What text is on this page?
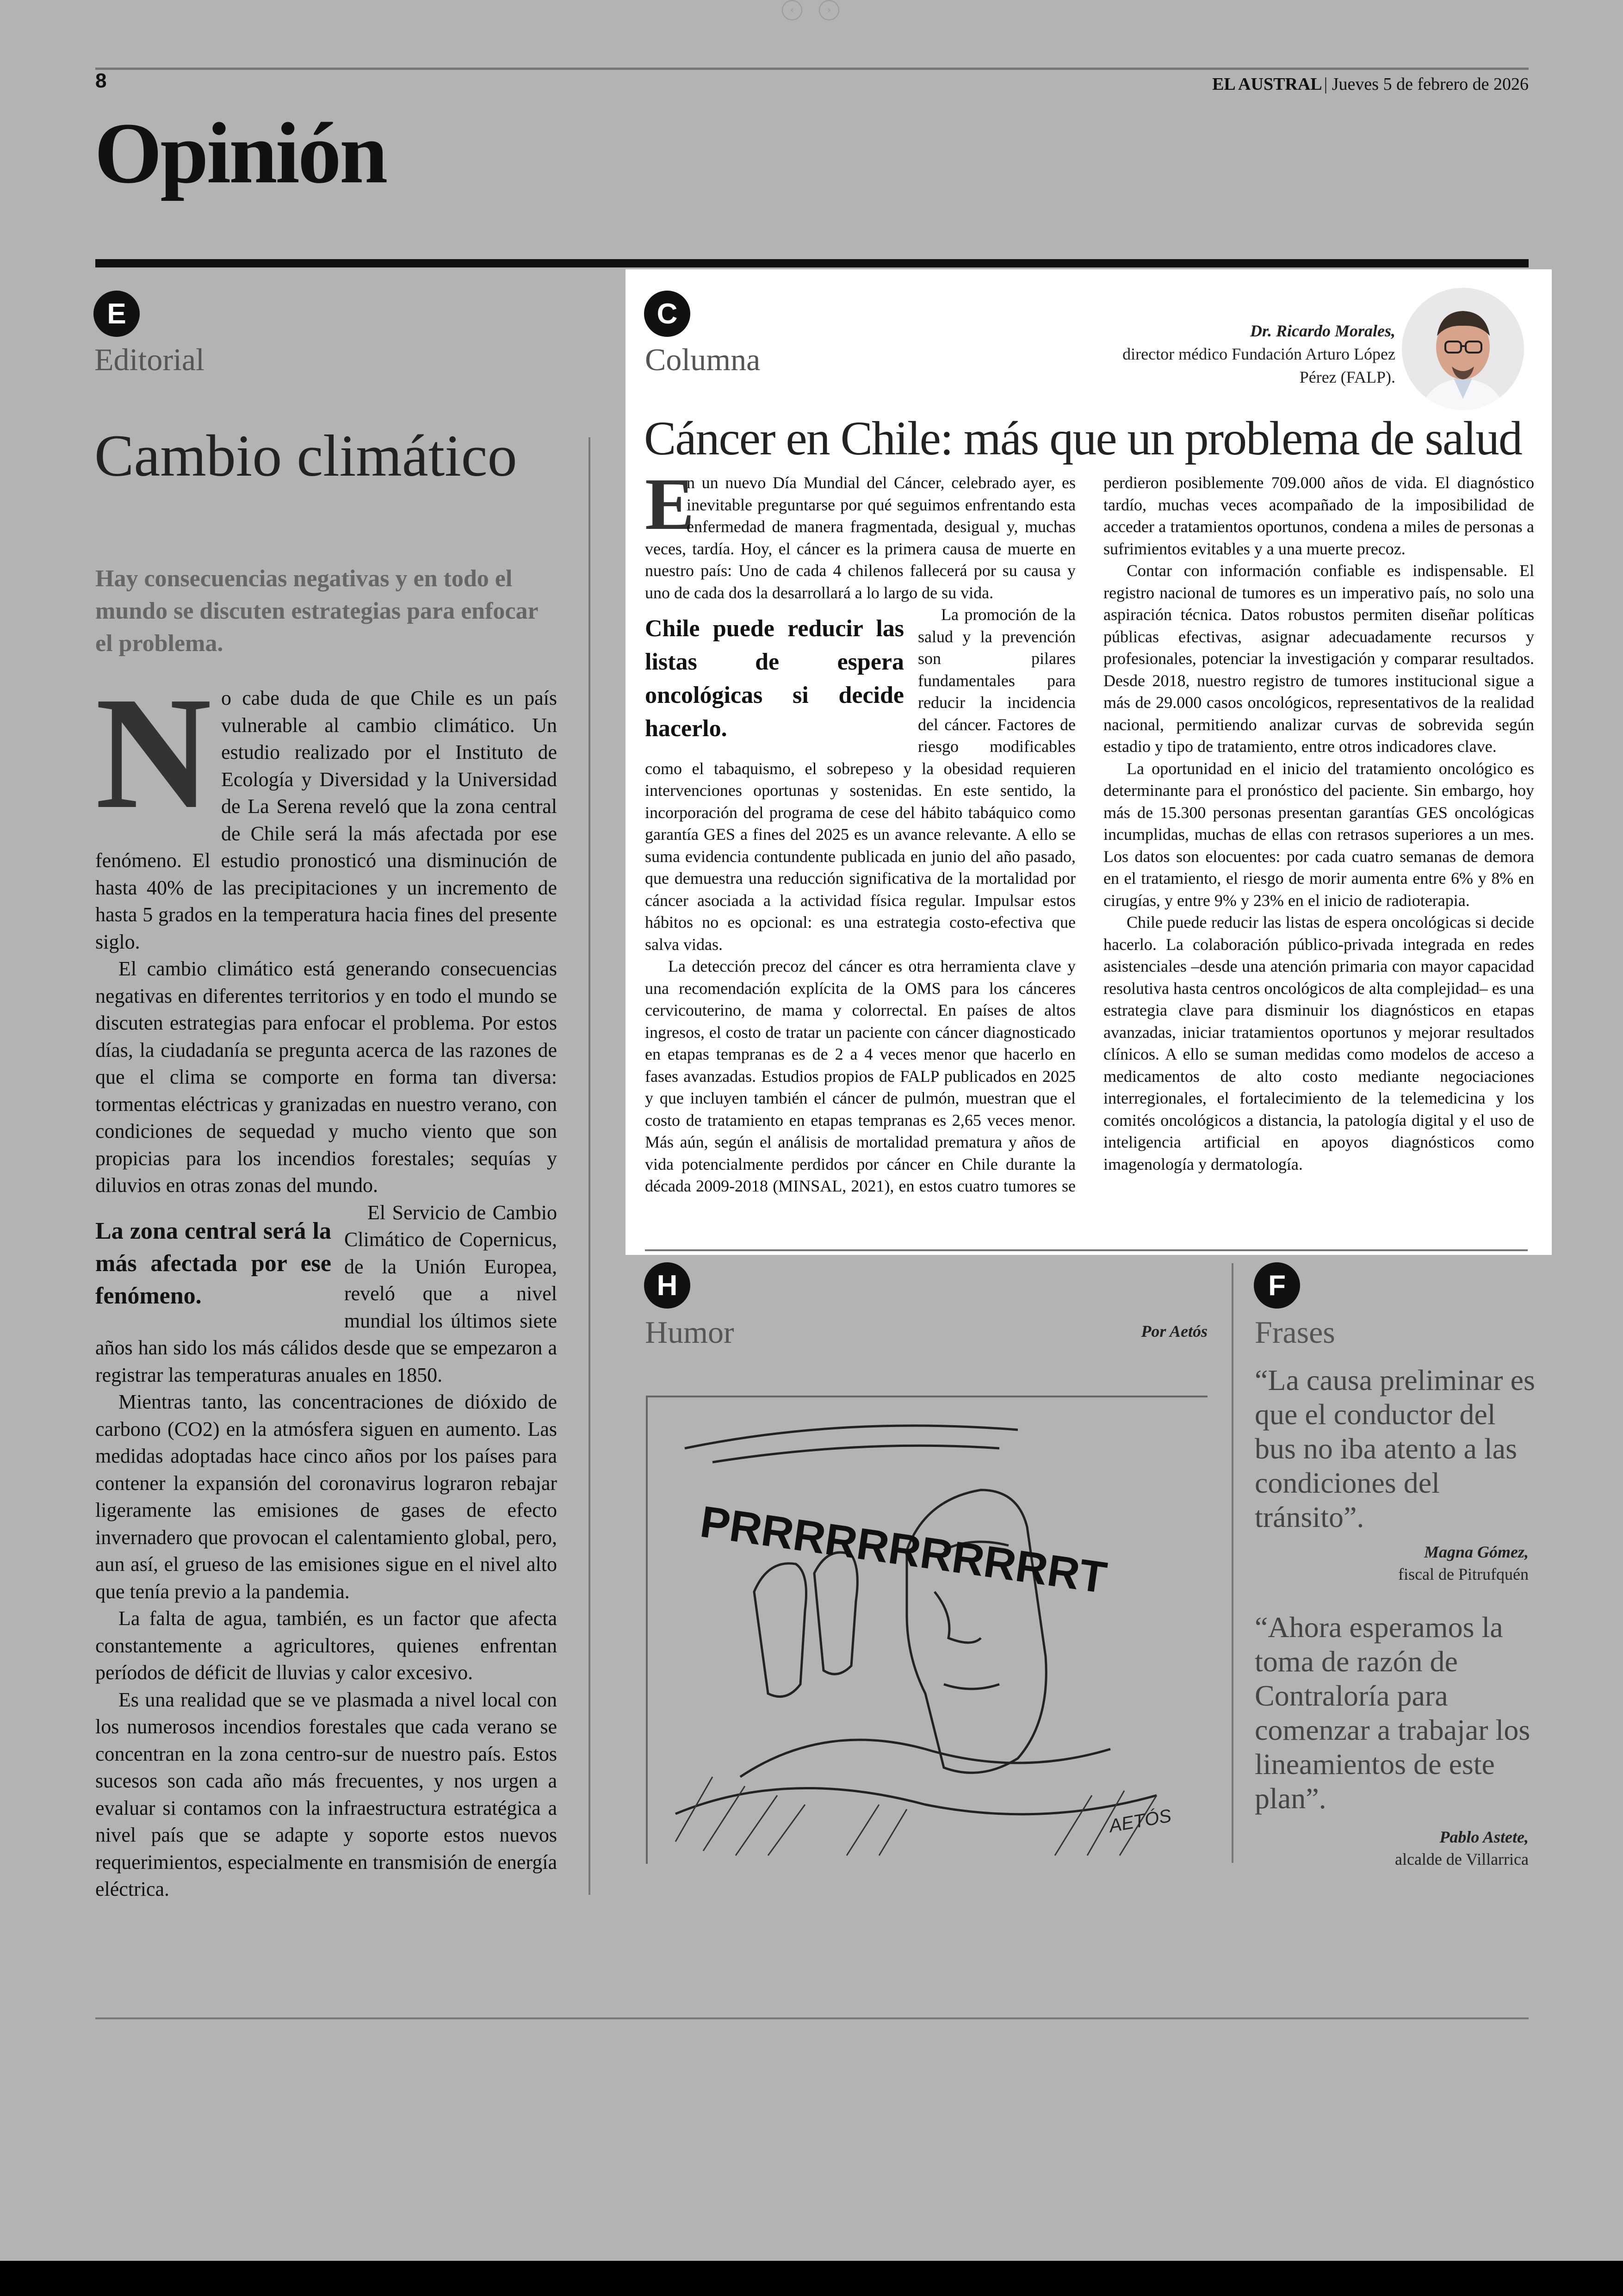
‹	›
8	EL AUSTRAL | Jueves 5 de febrero de 2026
Opinión
E
Editorial
Cambio climático
Hay consecuencias negativas y en todo el mundo se discuten estrategias para enfocar el problema.
N o cabe duda de que Chile es un país vulnerable al cambio climático. Un estudio realizado por el Instituto de Ecología y Diversidad y la Universidad de La Serena reveló que la zona central de Chile será la más afectada por ese fenómeno. El estudio pronosticó una disminución de hasta 40% de las precipitaciones y un incremento de hasta 5 grados en la temperatura hacia fines del presente siglo.

El cambio climático está generando consecuencias negativas en diferentes territorios y en todo el mundo se discuten estrategias para enfocar el problema. Por estos días, la ciudadanía se pregunta acerca de las razones de que el clima se comporte en forma tan diversa: tormentas eléctricas y granizadas en nuestro verano, con condiciones de sequedad y mucho viento que son propicias para los incendios forestales; sequías y diluvios en otras zonas del mundo.

La zona central será la más afectada por ese fenómeno.

El Servicio de Cambio Climático de Copernicus, de la Unión Europea, reveló que a nivel mundial los últimos siete años han sido los más cálidos desde que se empezaron a registrar las temperaturas anuales en 1850.

Mientras tanto, las concentraciones de dióxido de carbono (CO2) en la atmósfera siguen en aumento. Las medidas adoptadas hace cinco años por los países para contener la expansión del coronavirus lograron rebajar ligeramente las emisiones de gases de efecto invernadero que provocan el calentamiento global, pero, aun así, el grueso de las emisiones sigue en el nivel alto que tenía previo a la pandemia.

La falta de agua, también, es un factor que afecta constantemente a agricultores, quienes enfrentan períodos de déficit de lluvias y calor excesivo.

Es una realidad que se ve plasmada a nivel local con los numerosos incendios forestales que cada verano se concentran en la zona centro-sur de nuestro país. Estos sucesos son cada año más frecuentes, y nos urgen a evaluar si contamos con la infraestructura estratégica a nivel país que se adapte y soporte estos nuevos requerimientos, especialmente en transmisión de energía eléctrica.

C
Columna
Dr. Ricardo Morales,
director médico Fundación Arturo López Pérez (FALP).
Cáncer en Chile: más que un problema de salud
E

n un nuevo Día Mundial del Cáncer, celebrado ayer, es inevitable preguntarse por qué seguimos enfrentando esta enfermedad de manera fragmentada, desigual y, muchas veces, tardía. Hoy, el cáncer es la primera causa de muerte en nuestro país: Uno de cada 4 chilenos fallecerá por su causa y uno de cada dos la desarrollará a lo largo de su vida.

Chile puede reducir las listas de espera oncológicas si decide hacerlo.

La promoción de la salud y la prevención son pilares fundamentales para reducir la incidencia del cáncer. Factores de riesgo modificables como el tabaquismo, el sobrepeso y la obesidad requieren intervenciones oportunas y sostenidas. En este sentido, la incorporación del programa de cese del hábito tabáquico como garantía GES a fines del 2025 es un avance relevante. A ello se suma evidencia contundente publicada en junio del año pasado, que demuestra una reducción significativa de la mortalidad por cáncer asociada a la actividad física regular. Impulsar estos hábitos no es opcional: es una estrategia costo-efectiva que salva vidas.

La detección precoz del cáncer es otra herramienta clave y una recomendación explícita de la OMS para los cánceres cervicouterino, de mama y colorrectal. En países de altos ingresos, el costo de tratar un paciente con cáncer diagnosticado en etapas tempranas es de 2 a 4 veces menor que hacerlo en fases avanzadas. Estudios propios de FALP publicados en 2025 y que incluyen también el cáncer de pulmón, muestran que el costo de tratamiento en etapas tempranas es 2,65 veces menor. Más aún, según el análisis de mortalidad prematura y años de vida potencialmente perdidos por cáncer en Chile durante la década 2009-2018 (MINSAL, 2021), en estos cuatro tumores se perdieron posiblemente 709.000 años de vida. El diagnóstico tardío, muchas veces acompañado de la imposibilidad de acceder a tratamientos oportunos, condena a miles de personas a sufrimientos evitables y a una muerte precoz.

Contar con información confiable es indispensable. El registro nacional de tumores es un imperativo país, no solo una aspiración técnica. Datos robustos permiten diseñar políticas públicas efectivas, asignar adecuadamente recursos y profesionales, potenciar la investigación y comparar resultados. Desde 2018, nuestro registro de tumores institucional sigue a más de 29.000 casos oncológicos, representativos de la realidad nacional, permitiendo analizar curvas de sobrevida según estadio y tipo de tratamiento, entre otros indicadores clave.

La oportunidad en el inicio del tratamiento oncológico es determinante para el pronóstico del paciente. Sin embargo, hoy más de 15.300 personas presentan garantías GES oncológicas incumplidas, muchas de ellas con retrasos superiores a un mes. Los datos son elocuentes: por cada cuatro semanas de demora en el tratamiento, el riesgo de morir aumenta entre 6% y 8% en cirugías, y entre 9% y 23% en el inicio de radioterapia.

Chile puede reducir las listas de espera oncológicas si decide hacerlo. La colaboración público-privada integrada en redes asistenciales –desde una atención primaria con mayor capacidad resolutiva hasta centros oncológicos de alta complejidad– es una estrategia clave para disminuir los diagnósticos en etapas avanzadas, iniciar tratamientos oportunos y mejorar resultados clínicos. A ello se suman medidas como modelos de acceso a medicamentos de alto costo mediante negociaciones interregionales, el fortalecimiento de la telemedicina y los comités oncológicos a distancia, la patología digital y el uso de inteligencia artificial en apoyos diagnósticos como imagenología y dermatología.

H
Humor	Por Aetós
PRRRRRRRRRRRT
AETÓS
F
Frases
“La causa preliminar es que el conductor del bus no iba atento a las condiciones del tránsito”.
Magna Gómez,
fiscal de Pitrufquén
“Ahora esperamos la toma de razón de Contraloría para comenzar a trabajar los lineamientos de este plan”.
Pablo Astete,
alcalde de Villarrica
